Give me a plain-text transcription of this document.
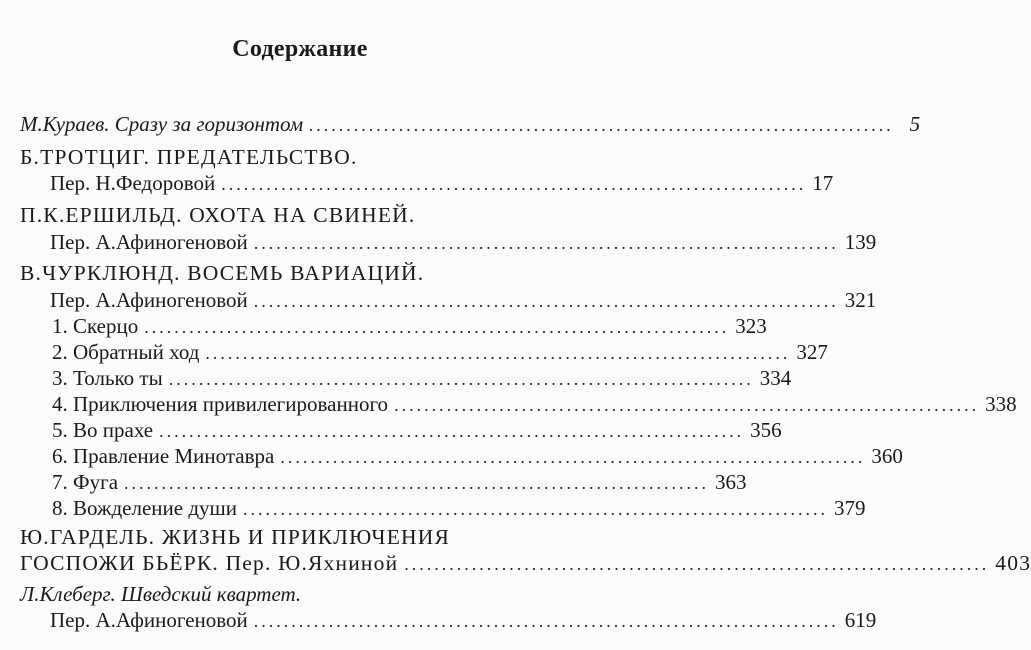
Содержание
М.Кураев. Сразу за горизонтом .............................................................................. 5
Б.ТРОТЦИГ. ПРЕДАТЕЛЬСТВО.
Пер. Н.Федоровой .............................................................................. 17
П.К.ЕРШИЛЬД. ОХОТА НА СВИНЕЙ.
Пер. А.Афиногеновой .............................................................................. 139
В.ЧУРКЛЮНД. ВОСЕМЬ ВАРИАЦИЙ.
Пер. А.Афиногеновой .............................................................................. 321
1. Скерцо .............................................................................. 323
2. Обратный ход .............................................................................. 327
3. Только ты .............................................................................. 334
4. Приключения привилегированного .............................................................................. 338
5. Во прахе .............................................................................. 356
6. Правление Минотавра .............................................................................. 360
7. Фуга .............................................................................. 363
8. Вожделение души .............................................................................. 379
Ю.ГАРДЕЛЬ. ЖИЗНЬ И ПРИКЛЮЧЕНИЯ
ГОСПОЖИ БЬЁРК. Пер. Ю.Яхниной .............................................................................. 403
Л.Клеберг. Шведский квартет.
Пер. А.Афиногеновой .............................................................................. 619
